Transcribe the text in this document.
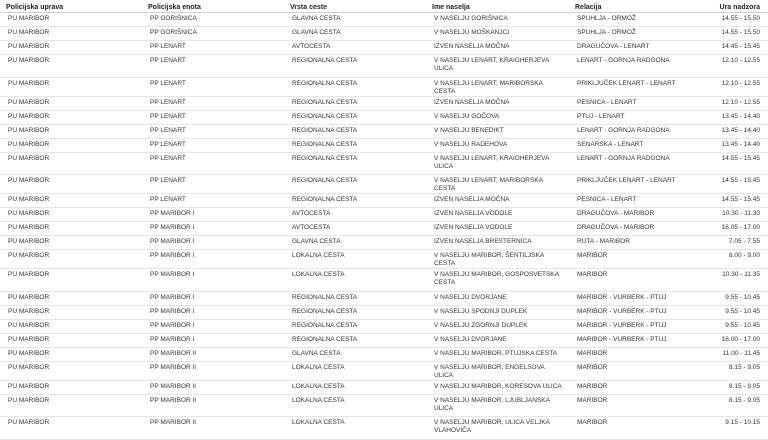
Policijska uprava	Policijska enota	Vrsta ceste	Ime naselja	Relacija	Ura nadzora
PU MARIBOR	PP GORIŠNICA	GLAVNA CESTA	V NASELJU GORIŠNICA	SPUHLJA - ORMOŽ	14.55 - 15.50
PU MARIBOR	PP GORIŠNICA	GLAVNA CESTA	V NASELJU MOŠKANJCI	SPUHLJA - ORMOŽ	14.55 - 15.50
PU MARIBOR	PP LENART	AVTOCESTA	IZVEN NASELJA MOČNA	DRAGUČOVA - LENART	14.45 - 15.45
PU MARIBOR	PP LENART	REGIONALNA CESTA	V NASELJU LENART, KRAIGHERJEVA ULICA	LENART - GORNJA RADGONA	12.10 - 12.55
PU MARIBOR	PP LENART	REGIONALNA CESTA	V NASELJU LENART, MARIBORSKA CESTA	PRIKLJUČEK LENART - LENART	12.10 - 12.55
PU MARIBOR	PP LENART	REGIONALNA CESTA	IZVEN NASELJA MOČNA	PESNICA - LENART	12.10 - 12.55
PU MARIBOR	PP LENART	REGIONALNA CESTA	V NASELJU GOČOVA	PTUJ - LENART	13.45 - 14.40
PU MARIBOR	PP LENART	REGIONALNA CESTA	V NASELJU BENEDIKT	LENART - GORNJA RADGONA	13.45 - 14.40
PU MARIBOR	PP LENART	REGIONALNA CESTA	V NASELJU RADEHOVA	SENARSKA - LENART	13.45 - 14.40
PU MARIBOR	PP LENART	REGIONALNA CESTA	V NASELJU LENART, KRAIGHERJEVA ULICA	LENART - GORNJA RADGONA	14.55 - 15.45
PU MARIBOR	PP LENART	REGIONALNA CESTA	V NASELJU LENART, MARIBORSKA CESTA	PRIKLJUČEK LENART - LENART	14.55 - 15.45
PU MARIBOR	PP LENART	REGIONALNA CESTA	IZVEN NASELJA MOČNA	PESNICA - LENART	14.55 - 15.45
PU MARIBOR	PP MARIBOR I	AVTOCESTA	IZVEN NASELJA VODOLE	DRAGUČOVA - MARIBOR	10.30 - 11.30
PU MARIBOR	PP MARIBOR I	AVTOCESTA	IZVEN NASELJA VODOLE	DRAGUČOVA - MARIBOR	16.05 - 17.00
PU MARIBOR	PP MARIBOR I	GLAVNA CESTA	IZVEN NASELJA BRESTERNICA	RUTA - MARIBOR	7.05 - 7.55
PU MARIBOR	PP MARIBOR I	LOKALNA CESTA	V NASELJU MARIBOR, ŠENTILJSKA CESTA	MARIBOR	8.00 - 9.00
PU MARIBOR	PP MARIBOR I	LOKALNA CESTA	V NASELJU MARIBOR, GOSPOSVETSKA CESTA	MARIBOR	10.30 - 11.35
PU MARIBOR	PP MARIBOR I	REGIONALNA CESTA	V NASELJU DVORJANE	MARIBOR - VURBERK - PTUJ	9.55 - 10.45
PU MARIBOR	PP MARIBOR I	REGIONALNA CESTA	V NASELJU SPODNJI DUPLEK	MARIBOR - VURBERK - PTUJ	9.55 - 10.45
PU MARIBOR	PP MARIBOR I	REGIONALNA CESTA	V NASELJU ZGORNJI DUPLEK	MARIBOR - VURBERK - PTUJ	9.55 - 10.45
PU MARIBOR	PP MARIBOR I	REGIONALNA CESTA	V NASELJU DVORJANE	MARIBOR - VURBERK - PTUJ	16.00 - 17.00
PU MARIBOR	PP MARIBOR II	GLAVNA CESTA	V NASELJU MARIBOR, PTUJSKA CESTA	MARIBOR	11.00 - 11.45
PU MARIBOR	PP MARIBOR II	LOKALNA CESTA	V NASELJU MARIBOR, ENGELSOVA ULICA	MARIBOR	8.15 - 9.05
PU MARIBOR	PP MARIBOR II	LOKALNA CESTA	V NASELJU MARIBOR, KORESOVA ULICA	MARIBOR	8.15 - 9.05
PU MARIBOR	PP MARIBOR II	LOKALNA CESTA	V NASELJU MARIBOR, LJUBLJANSKA ULICA	MARIBOR	8.15 - 9.05
PU MARIBOR	PP MARIBOR II	LOKALNA CESTA	V NASELJU MARIBOR, ULICA VELJKA VLAHOVIČA	MARIBOR	9.15 - 10.15
